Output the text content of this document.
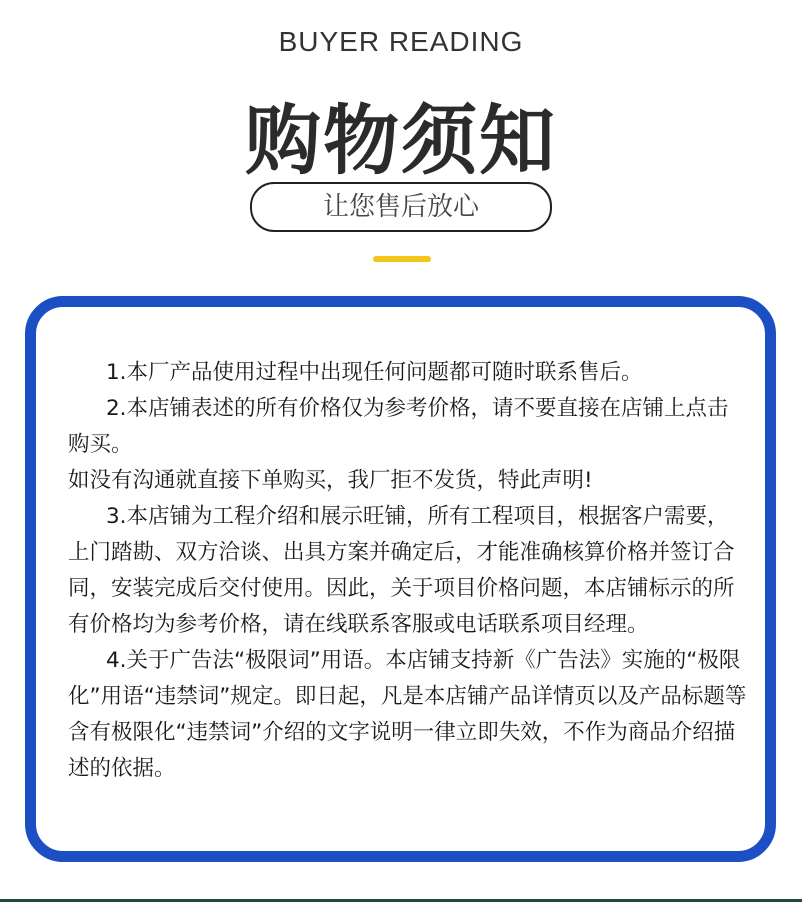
BUYER READING
购物须知
让您售后放心

1.本厂产品使用过程中出现任何问题都可随时联系售后。

2.本店铺表述的所有价格仅为参考价格，请不要直接在店铺上点击购买。

如没有沟通就直接下单购买，我厂拒不发货，特此声明!

3.本店铺为工程介绍和展示旺铺，所有工程项目，根据客户需要，上门踏勘、双方洽谈、出具方案并确定后，才能准确核算价格并签订合同，安装完成后交付使用。因此，关于项目价格问题，本店铺标示的所有价格均为参考价格，请在线联系客服或电话联系项目经理。

4.关于广告法“极限词”用语。本店铺支持新《广告法》实施的“极限化”用语“违禁词”规定。即日起，凡是本店铺产品详情页以及产品标题等含有极限化“违禁词”介绍的文字说明一律立即失效，不作为商品介绍描述的依据。
